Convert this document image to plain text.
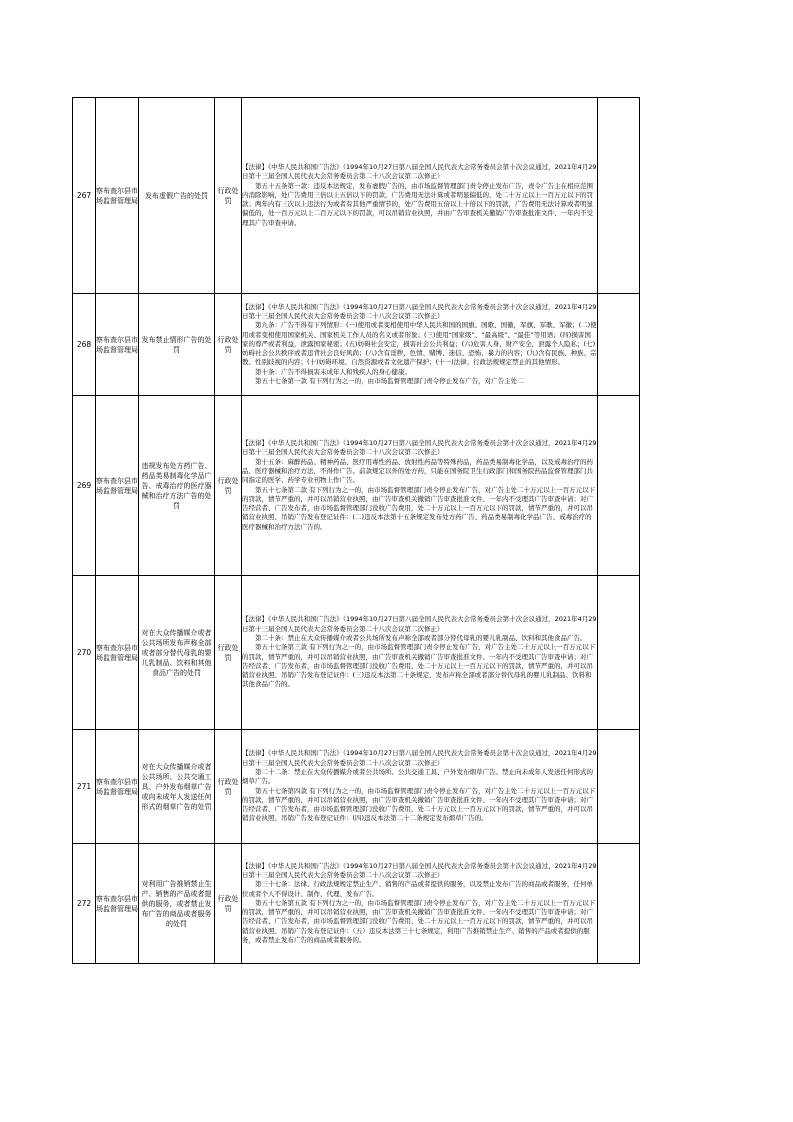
267	察布查尔县市场监督管理局	发布虚假广告的处罚	行政处罚	【法律】《中华人民共和国广告法》（1994年10月27日第八届全国人民代表大会常务委员会第十次会议通过，2021年4月29日第十三届全国人民代表大会常务委员会第二十八次会议第二次修正）

第五十五条第一款：违反本法规定，发布虚假广告的，由市场监督管理部门责令停止发布广告，责令广告主在相应范围内消除影响，处广告费用三倍以上五倍以下的罚款，广告费用无法计算或者明显偏低的，处二十万元以上一百万元以下的罚款；两年内有三次以上违法行为或者有其他严重情节的，处广告费用五倍以上十倍以下的罚款，广告费用无法计算或者明显偏低的，处一百万元以上二百万元以下的罚款，可以吊销营业执照，并由广告审查机关撤销广告审查批准文件、一年内不受理其广告审查申请。	

268	察布查尔县市场监督管理局	发布禁止情形广告的处罚	行政处罚	【法律】《中华人民共和国广告法》（1994年10月27日第八届全国人民代表大会常务委员会第十次会议通过，2021年4月29日第十三届全国人民代表大会常务委员会第二十八次会议第二次修正）

第九条：广告不得有下列情形：(一)使用或者变相使用中华人民共和国的国旗、国歌、国徽，军旗、军歌、军徽；(二)使用或者变相使用国家机关、国家机关工作人员的名义或者形象；(三)使用“国家级”、“最高级”、“最佳”等用语；(四)损害国家的尊严或者利益，泄露国家秘密；(五)妨碍社会安定，损害社会公共利益；(六)危害人身、财产安全，泄露个人隐私；(七)妨碍社会公共秩序或者违背社会良好风尚；(八)含有淫秽、色情、赌博、迷信、恐怖、暴力的内容；(九)含有民族、种族、宗教、性别歧视的内容；(十)妨碍环境、自然资源或者文化遗产保护；(十一)法律、行政法规规定禁止的其他情形。

第十条：广告不得损害未成年人和残疾人的身心健康。

第五十七条第一款 有下列行为之一的，由市场监督管理部门责令停止发布广告，对广告主处二	

269	察布查尔县市场监督管理局	违规发布处方药广告、药品类易制毒化学品广告、戒毒治疗的医疗器械和治疗方法广告的处罚	行政处罚	【法律】《中华人民共和国广告法》（1994年10月27日第八届全国人民代表大会常务委员会第十次会议通过，2021年4月29日第十三届全国人民代表大会常务委员会第二十八次会议第二次修正）

第十五条：麻醉药品、精神药品、医疗用毒性药品、放射性药品等特殊药品，药品类易制毒化学品，以及戒毒治疗的药品、医疗器械和治疗方法，不得作广告。前款规定以外的处方药，只能在国务院卫生行政部门和国务院药品监督管理部门共同指定的医学、药学专业刊物上作广告。

第五十七条第二款 有下列行为之一的，由市场监督管理部门责令停止发布广告，对广告主处二十万元以上一百万元以下的罚款，情节严重的，并可以吊销营业执照，由广告审查机关撤销广告审查批准文件、一年内不受理其广告审查申请；对广告经营者、广告发布者，由市场监督管理部门没收广告费用，处二十万元以上一百万元以下的罚款，情节严重的，并可以吊销营业执照、吊销广告发布登记证件：(二)违反本法第十五条规定发布处方药广告、药品类易制毒化学品广告、戒毒治疗的医疗器械和治疗方法广告的。	

270	察布查尔县市场监督管理局	对在大众传播媒介或者公共场所发布声称全部或者部分替代母乳的婴儿乳制品、饮料和其他食品广告的处罚	行政处罚	【法律】《中华人民共和国广告法》（1994年10月27日第八届全国人民代表大会常务委员会第十次会议通过，2021年4月29日第十三届全国人民代表大会常务委员会第二十八次会议第二次修正）

第二十条：禁止在大众传播媒介或者公共场所发布声称全部或者部分替代母乳的婴儿乳制品、饮料和其他食品广告。

第五十七条第三款 有下列行为之一的，由市场监督管理部门责令停止发布广告，对广告主处二十万元以上一百万元以下的罚款，情节严重的，并可以吊销营业执照，由广告审查机关撤销广告审查批准文件、一年内不受理其广告审查申请；对广告经营者、广告发布者，由市场监督管理部门没收广告费用，处二十万元以上一百万元以下的罚款，情节严重的，并可以吊销营业执照、吊销广告发布登记证件：(三)违反本法第二十条规定，发布声称全部或者部分替代母乳的婴儿乳制品、饮料和其他食品广告的。	

271	察布查尔县市场监督管理局	对在大众传播媒介或者公共场所、公共交通工具、户外发布烟草广告或向未成年人发送任何形式的烟草广告的处罚	行政处罚	【法律】《中华人民共和国广告法》（1994年10月27日第八届全国人民代表大会常务委员会第十次会议通过，2021年4月29日第十三届全国人民代表大会常务委员会第二十八次会议第二次修正）

第二十二条：禁止在大众传播媒介或者公共场所、公共交通工具、户外发布烟草广告。禁止向未成年人发送任何形式的烟草广告。

第五十七条第四款 有下列行为之一的，由市场监督管理部门责令停止发布广告，对广告主处二十万元以上一百万元以下的罚款，情节严重的，并可以吊销营业执照，由广告审查机关撤销广告审查批准文件、一年内不受理其广告审查申请；对广告经营者、广告发布者，由市场监督管理部门没收广告费用，处二十万元以上一百万元以下的罚款，情节严重的，并可以吊销营业执照、吊销广告发布登记证件：(四)违反本法第二十二条规定发布烟草广告的。	

272	察布查尔县市场监督管理局	对利用广告推销禁止生产、销售的产品或者提供的服务，或者禁止发布广告的商品或者服务的处罚	行政处罚	【法律】《中华人民共和国广告法》（1994年10月27日第八届全国人民代表大会常务委员会第十次会议通过，2021年4月29日第十三届全国人民代表大会常务委员会第二十八次会议第二次修正）

第三十七条：法律、行政法规规定禁止生产、销售的产品或者提供的服务，以及禁止发布广告的商品或者服务，任何单位或者个人不得设计、制作、代理、发布广告。

第五十七条第五款 有下列行为之一的，由市场监督管理部门责令停止发布广告，对广告主处二十万元以上一百万元以下的罚款，情节严重的，并可以吊销营业执照，由广告审查机关撤销广告审查批准文件、一年内不受理其广告审查申请；对广告经营者、广告发布者，由市场监督管理部门没收广告费用，处二十万元以上一百万元以下的罚款，情节严重的，并可以吊销营业执照、吊销广告发布登记证件：（五）违反本法第三十七条规定，利用广告推销禁止生产、销售的产品或者提供的服务，或者禁止发布广告的商品或者服务的。	
